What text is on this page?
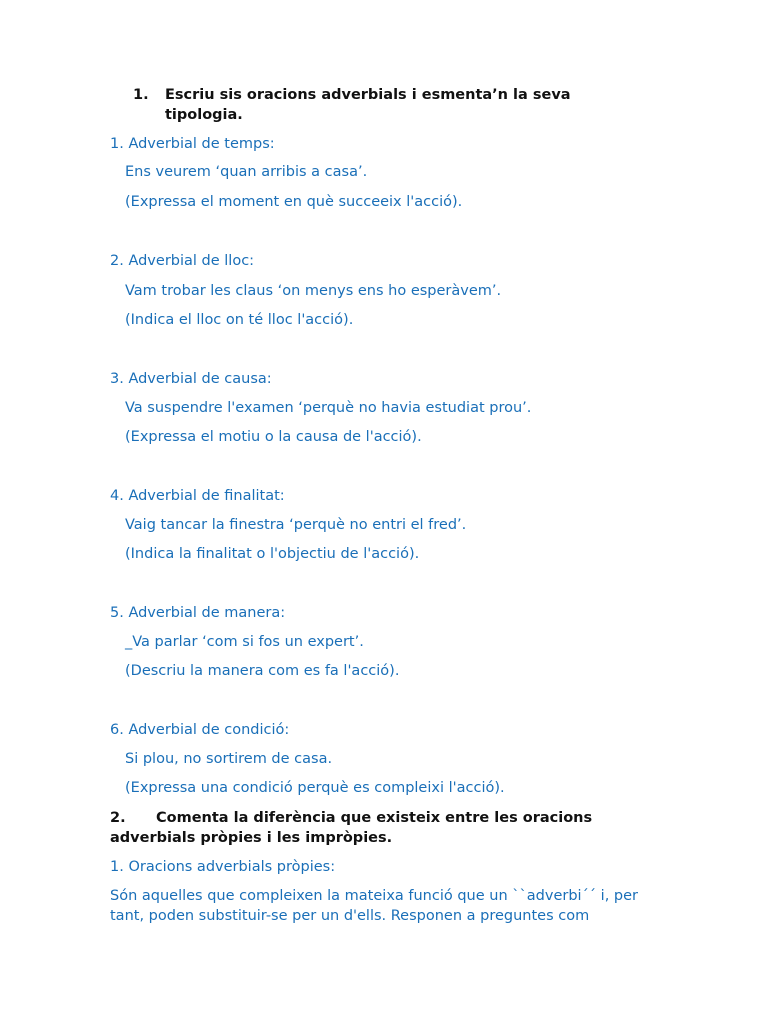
1.	Escriu sis oracions adverbials i esmenta’n la seva tipologia.
1. Adverbial de temps:
Ens veurem ‘quan arribis a casa’.
(Expressa el moment en què succeeix l'acció).
2. Adverbial de lloc:
Vam trobar les claus ‘on menys ens ho esperàvem’.
(Indica el lloc on té lloc l'acció).
3. Adverbial de causa:
Va suspendre l'examen ‘perquè no havia estudiat prou’.
(Expressa el motiu o la causa de l'acció).
4. Adverbial de finalitat:
Vaig tancar la finestra ‘perquè no entri el fred’.
(Indica la finalitat o l'objectiu de l'acció).
5. Adverbial de manera:
_Va parlar ‘com si fos un expert’.
(Descriu la manera com es fa l'acció).
6. Adverbial de condició:
Si plou, no sortirem de casa.
(Expressa una condició perquè es compleixi l'acció).
2.	Comenta la diferència que existeix entre les oracions adverbials pròpies i les impròpies.
1. Oracions adverbials pròpies:
Són aquelles que compleixen la mateixa funció que un ``adverbi´´ i, per tant, poden substituir-se per un d'ells. Responen a preguntes com
